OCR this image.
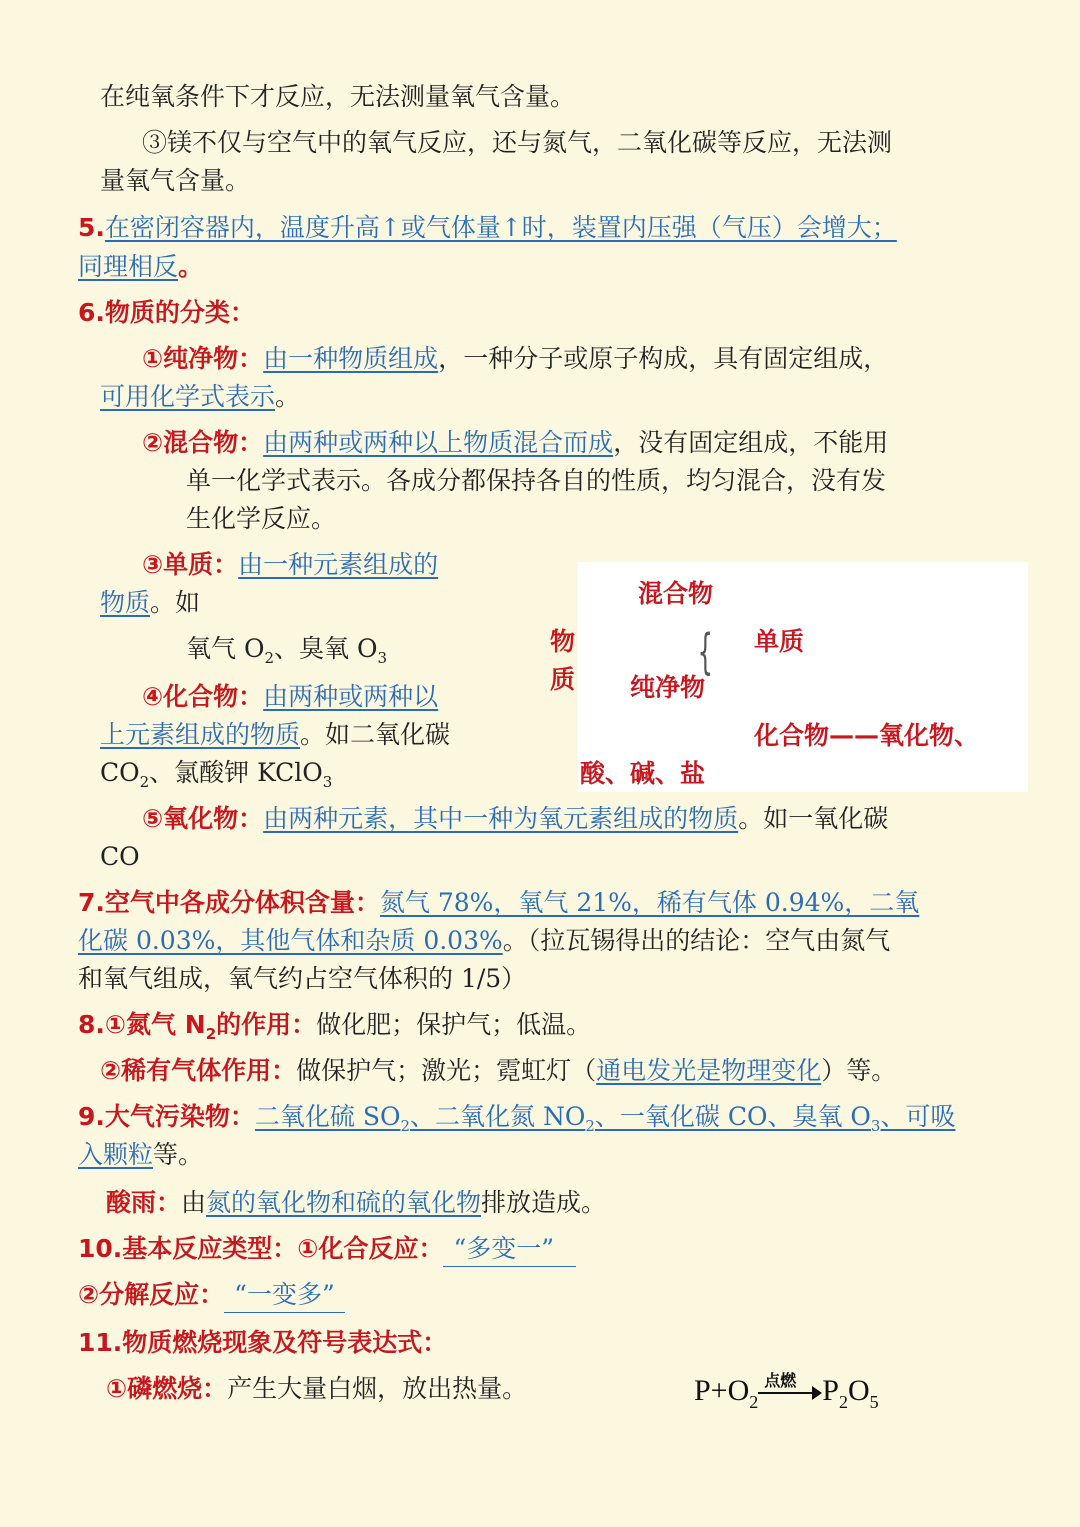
在纯氧条件下才反应，无法测量氧气含量。
③镁不仅与空气中的氧气反应，还与氮气，二氧化碳等反应，无法测
量氧气含量。
5.在密闭容器内，温度升高↑或气体量↑时，装置内压强（气压）会增大；
同理相反。
6.物质的分类：
①纯净物：由一种物质组成，一种分子或原子构成，具有固定组成，
可用化学式表示。
②混合物：由两种或两种以上物质混合而成，没有固定组成，不能用
单一化学式表示。各成分都保持各自的性质，均匀混合，没有发
生化学反应。
③单质：由一种元素组成的
物质。如
氧气 $O_2$、臭氧 $O_3$
④化合物：由两种或两种以
上元素组成的物质。如二氧化碳
$CO_2$、氯酸钾 KClO$_3$
混合物
物
质
单质
纯净物
{
化合物——氧化物、
酸、碱、盐
⑤氧化物：由两种元素，其中一种为氧元素组成的物质。如一氧化碳
CO
7.空气中各成分体积含量：氮气 78%，氧气 21%，稀有气体 0.94%，二氧
化碳 0.03%，其他气体和杂质 0.03%。（拉瓦锡得出的结论：空气由氮气
和氧气组成，氧气约占空气体积的 1/5）
8.①氮气 $N_2$的作用：做化肥；保护气；低温。
②稀有气体作用：做保护气；激光；霓虹灯（通电发光是物理变化）等。
9.大气污染物：二氧化硫 $SO_2$、二氧化氮 $NO_2$、一氧化碳 CO、臭氧 $O_3$、可吸
入颗粒等。
酸雨：由氮的氧化物和硫的氧化物排放造成。
10.基本反应类型：①化合反应： “多变一”
②分解反应： “一变多”
11.物质燃烧现象及符号表达式：
①磷燃烧：产生大量白烟，放出热量。	$P+O_2$
点燃 $P_2O_5$
